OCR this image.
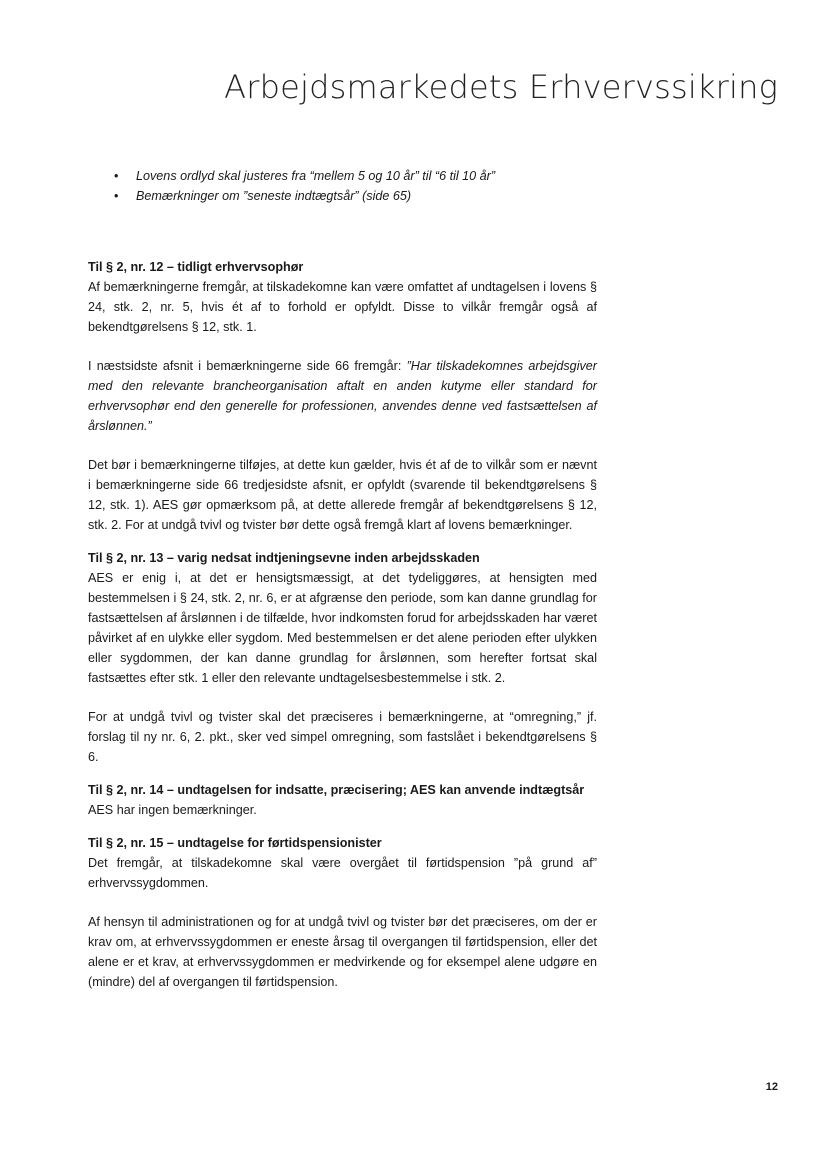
Arbejdsmarkedets Erhvervssikring
• Lovens ordlyd skal justeres fra “mellem 5 og 10 år” til “6 til 10 år”
• Bemærkninger om ”seneste indtægtsår” (side 65)
Til § 2, nr. 12 – tidligt erhvervsophør

Af bemærkningerne fremgår, at tilskadekomne kan være omfattet af undtagelsen i lovens § 24, stk. 2, nr. 5, hvis ét af to forhold er opfyldt. Disse to vilkår fremgår også af bekendtgørelsens § 12, stk. 1.

I næstsidste afsnit i bemærkningerne side 66 fremgår: ”Har tilskadekomnes arbejdsgiver med den relevante brancheorganisation aftalt en anden kutyme eller standard for erhvervsophør end den generelle for professionen, anvendes denne ved fastsættelsen af årslønnen.”

Det bør i bemærkningerne tilføjes, at dette kun gælder, hvis ét af de to vilkår som er nævnt i bemærkningerne side 66 tredjesidste afsnit, er opfyldt (svarende til bekendtgørelsens § 12, stk. 1). AES gør opmærksom på, at dette allerede fremgår af bekendtgørelsens § 12, stk. 2. For at undgå tvivl og tvister bør dette også fremgå klart af lovens bemærkninger.

Til § 2, nr. 13 – varig nedsat indtjeningsevne inden arbejdsskaden

AES er enig i, at det er hensigtsmæssigt, at det tydeliggøres, at hensigten med bestemmelsen i § 24, stk. 2, nr. 6, er at afgrænse den periode, som kan danne grundlag for fastsættelsen af årslønnen i de tilfælde, hvor indkomsten forud for arbejdsskaden har været påvirket af en ulykke eller sygdom. Med bestemmelsen er det alene perioden efter ulykken eller sygdommen, der kan danne grundlag for årslønnen, som herefter fortsat skal fastsættes efter stk. 1 eller den relevante undtagelsesbestemmelse i stk. 2.

For at undgå tvivl og tvister skal det præciseres i bemærkningerne, at “omregning,” jf. forslag til ny nr. 6, 2. pkt., sker ved simpel omregning, som fastslået i bekendtgørelsens § 6.

Til § 2, nr. 14 – undtagelsen for indsatte, præcisering; AES kan anvende indtægtsår

AES har ingen bemærkninger.

Til § 2, nr. 15 – undtagelse for førtidspensionister

Det fremgår, at tilskadekomne skal være overgået til førtidspension ”på grund af” erhvervssygdommen.

Af hensyn til administrationen og for at undgå tvivl og tvister bør det præciseres, om der er krav om, at erhvervssygdommen er eneste årsag til overgangen til førtidspension, eller det alene er et krav, at erhvervssygdommen er medvirkende og for eksempel alene udgøre en (mindre) del af overgangen til førtidspension.

12
